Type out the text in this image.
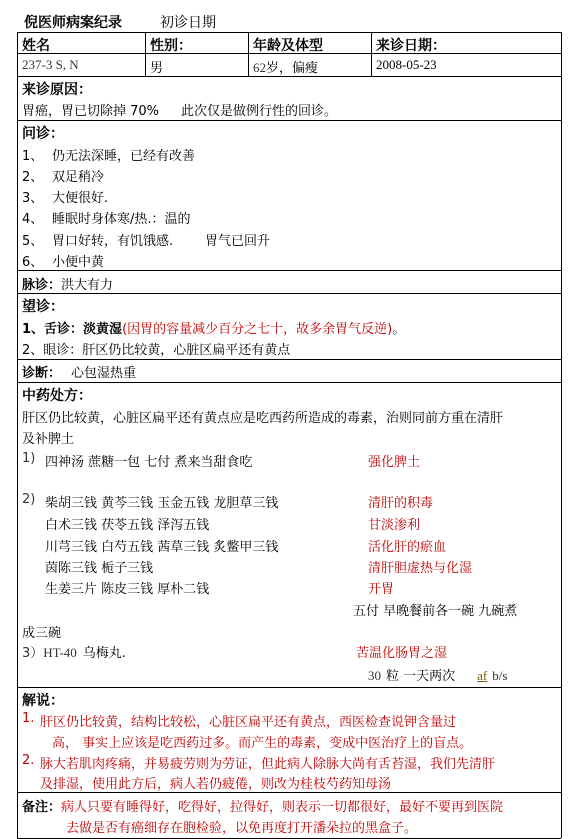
倪医师病案纪录	初诊日期
姓名	性别：	年龄及体型	来诊日期：
237-3 S, N	男	62岁，偏瘦	2008-05-23
来诊原因：
胃癌，胃已切除掉 70% 此次仅是做例行性的回诊。
问诊：
1、 仍无法深睡，已经有改善
2、 双足稍冷
3、 大便很好.
4、 睡眠时身体寒/热.：温的
5、 胃口好转，有饥饿感. 胃气已回升
6、 小便中黄
脉诊：洪大有力
望诊：
1、舌诊：淡黄湿(因胃的容量减少百分之七十，故多余胃气反逆)。
2、眼诊：肝区仍比较黄，心脏区扁平还有黄点
诊断： 心包湿热重
中药处方：
肝区仍比较黄，心脏区扁平还有黄点应是吃西药所造成的毒素，治则同前方重在清肝
及补脾土
1) 四神汤 蔗糖一包 七付 煮来当甜食吃	强化脾土
2) 柴胡三钱 黄芩三钱 玉金五钱 龙胆草三钱	清肝的积毒
白术三钱 茯苓五钱 泽泻五钱	甘淡渗利
川芎三钱 白芍五钱 茜草三钱 炙鳖甲三钱	活化肝的瘀血
茵陈三钱 栀子三钱	清肝胆虚热与化湿
生姜三片 陈皮三钱 厚朴二钱	开胃
五付 早晚餐前各一碗 九碗煮
成三碗
3）HT-40 乌梅丸.	苦温化肠胃之湿
30 粒 一天两次 af b/s
解说：
1. 肝区仍比较黄，结构比较松，心脏区扁平还有黄点，西医检查说钾含量过
高， 事实上应该是吃西药过多。而产生的毒素，变成中医治疗上的盲点。
2. 脉大若肌肉疼痛，并易疲劳则为劳证，但此病人除脉大尚有舌苔湿，我们先清肝
及排湿，使用此方后，病人若仍疲倦，则改为桂枝芍药知母汤
备注：病人只要有睡得好，吃得好，拉得好，则表示一切都很好，最好不要再到医院
去做是否有癌细存在胞检验，以免再度打开潘朵拉的黑盒子。
